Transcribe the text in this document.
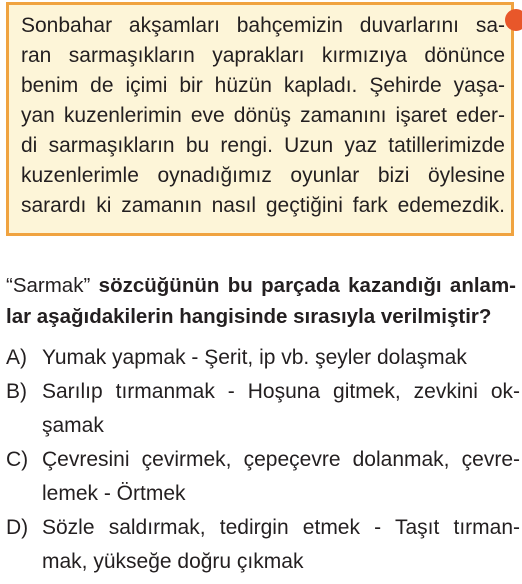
Sonbahar akşamları bahçemizin duvarlarını sa-
ran sarmaşıkların yaprakları kırmızıya dönünce
benim de içimi bir hüzün kapladı. Şehirde yaşa-
yan kuzenlerimin eve dönüş zamanını işaret eder-
di sarmaşıkların bu rengi. Uzun yaz tatillerimizde
kuzenlerimle oynadığımız oyunlar bizi öylesine
sarardı ki zamanın nasıl geçtiğini fark edemezdik.
“Sarmak” sözcüğünün bu parçada kazandığı anlam-
lar aşağıdakilerin hangisinde sırasıyla verilmiştir?
A) Yumak yapmak - Şerit, ip vb. şeyler dolaşmak
B) Sarılıp tırmanmak - Hoşuna gitmek, zevkini ok-
şamak
C) Çevresini çevirmek, çepeçevre dolanmak, çevre-
lemek - Örtmek
D) Sözle saldırmak, tedirgin etmek - Taşıt tırman-
mak, yükseğe doğru çıkmak
